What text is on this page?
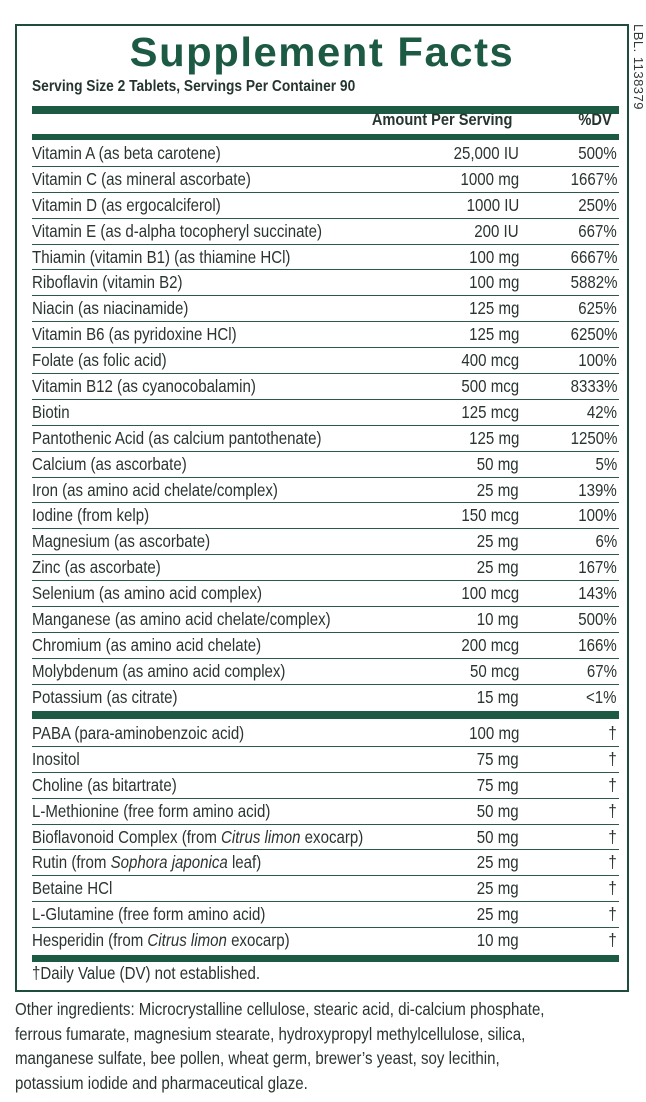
LBL. 1138379
Supplement Facts
Serving Size 2 Tablets, Servings Per Container 90
Amount Per Serving	%DV
Vitamin A (as beta carotene)	25,000 IU	500%
Vitamin C (as mineral ascorbate)	1000 mg	1667%
Vitamin D (as ergocalciferol)	1000 IU	250%
Vitamin E (as d-alpha tocopheryl succinate)	200 IU	667%
Thiamin (vitamin B1) (as thiamine HCl)	100 mg	6667%
Riboflavin (vitamin B2)	100 mg	5882%
Niacin (as niacinamide)	125 mg	625%
Vitamin B6 (as pyridoxine HCl)	125 mg	6250%
Folate (as folic acid)	400 mcg	100%
Vitamin B12 (as cyanocobalamin)	500 mcg	8333%
Biotin	125 mcg	42%
Pantothenic Acid (as calcium pantothenate)	125 mg	1250%
Calcium (as ascorbate)	50 mg	5%
Iron (as amino acid chelate/complex)	25 mg	139%
Iodine (from kelp)	150 mcg	100%
Magnesium (as ascorbate)	25 mg	6%
Zinc (as ascorbate)	25 mg	167%
Selenium (as amino acid complex)	100 mcg	143%
Manganese (as amino acid chelate/complex)	10 mg	500%
Chromium (as amino acid chelate)	200 mcg	166%
Molybdenum (as amino acid complex)	50 mcg	67%
Potassium (as citrate)	15 mg	<1%
PABA (para-aminobenzoic acid)	100 mg	†
Inositol	75 mg	†
Choline (as bitartrate)	75 mg	†
L-Methionine (free form amino acid)	50 mg	†
Bioflavonoid Complex (from Citrus limon exocarp)	50 mg	†
Rutin (from Sophora japonica leaf)	25 mg	†
Betaine HCl	25 mg	†
L-Glutamine (free form amino acid)	25 mg	†
Hesperidin (from Citrus limon exocarp)	10 mg	†
†Daily Value (DV) not established.
Other ingredients: Microcrystalline cellulose, stearic acid, di-calcium phosphate,
ferrous fumarate, magnesium stearate, hydroxypropyl methylcellulose, silica,
manganese sulfate, bee pollen, wheat germ, brewer’s yeast, soy lecithin,
potassium iodide and pharmaceutical glaze.
